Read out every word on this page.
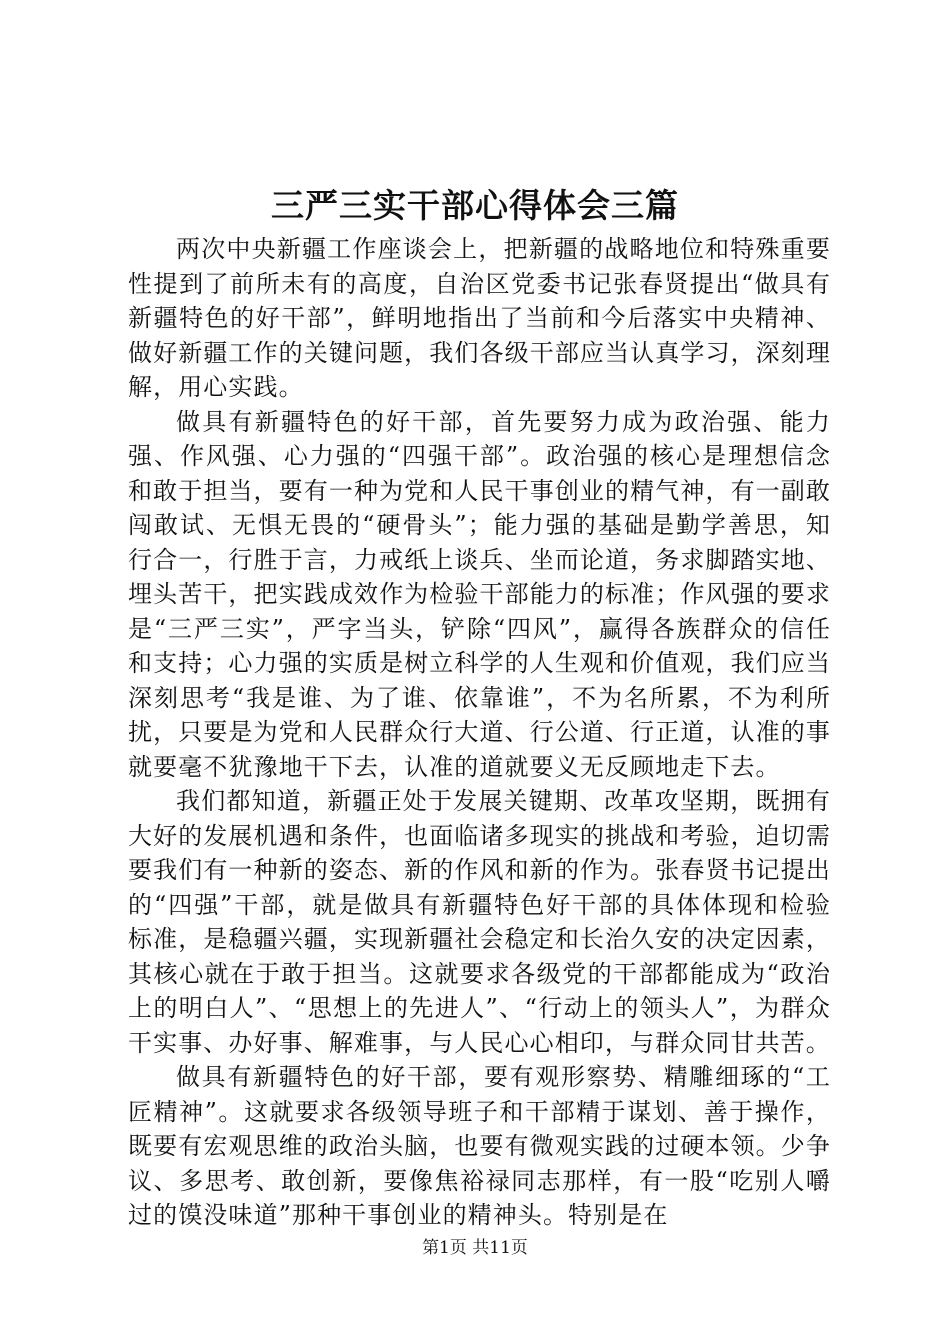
三严三实干部心得体会三篇

两次中央新疆工作座谈会上，把新疆的战略地位和特殊重要性提到了前所未有的高度，自治区党委书记张春贤提出“做具有新疆特色的好干部”，鲜明地指出了当前和今后落实中央精神、做好新疆工作的关键问题，我们各级干部应当认真学习，深刻理解，用心实践。

做具有新疆特色的好干部，首先要努力成为政治强、能力强、作风强、心力强的“四强干部”。政治强的核心是理想信念和敢于担当，要有一种为党和人民干事创业的精气神，有一副敢闯敢试、无惧无畏的“硬骨头”；能力强的基础是勤学善思，知行合一，行胜于言，力戒纸上谈兵、坐而论道，务求脚踏实地、埋头苦干，把实践成效作为检验干部能力的标准；作风强的要求是“三严三实”，严字当头，铲除“四风”，赢得各族群众的信任和支持；心力强的实质是树立科学的人生观和价值观，我们应当深刻思考“我是谁、为了谁、依靠谁”，不为名所累，不为利所扰，只要是为党和人民群众行大道、行公道、行正道，认准的事就要毫不犹豫地干下去，认准的道就要义无反顾地走下去。

我们都知道，新疆正处于发展关键期、改革攻坚期，既拥有大好的发展机遇和条件，也面临诸多现实的挑战和考验，迫切需要我们有一种新的姿态、新的作风和新的作为。张春贤书记提出的“四强”干部，就是做具有新疆特色好干部的具体体现和检验标准，是稳疆兴疆，实现新疆社会稳定和长治久安的决定因素，其核心就在于敢于担当。这就要求各级党的干部都能成为“政治上的明白人”、“思想上的先进人”、“行动上的领头人”，为群众干实事、办好事、解难事，与人民心心相印，与群众同甘共苦。

做具有新疆特色的好干部，要有观形察势、精雕细琢的“工匠精神”。这就要求各级领导班子和干部精于谋划、善于操作，既要有宏观思维的政治头脑，也要有微观实践的过硬本领。少争议、多思考、敢创新，要像焦裕禄同志那样，有一股“吃别人嚼过的馍没味道”那种干事创业的精神头。特别是在

第1页 共11页
